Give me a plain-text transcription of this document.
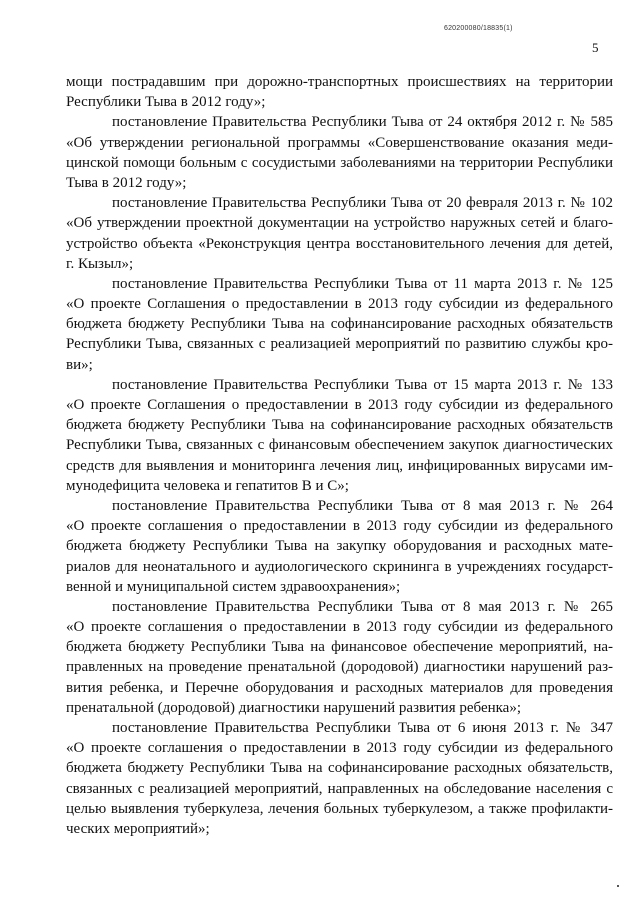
620200080/18835(1)
5
мощи пострадавшим при дорожно-транспортных происшествиях на территории
Республики Тыва в 2012 году»;
постановление Правительства Республики Тыва от 24 октября 2012 г. № 585
«Об утверждении региональной программы «Совершенствование оказания меди-
цинской помощи больным с сосудистыми заболеваниями на территории Республики
Тыва в 2012 году»;
постановление Правительства Республики Тыва от 20 февраля 2013 г. № 102
«Об утверждении проектной документации на устройство наружных сетей и благо-
устройство объекта «Реконструкция центра восстановительного лечения для детей,
г. Кызыл»;
постановление Правительства Республики Тыва от 11 марта 2013 г. № 125
«О проекте Соглашения о предоставлении в 2013 году субсидии из федерального
бюджета бюджету Республики Тыва на софинансирование расходных обязательств
Республики Тыва, связанных с реализацией мероприятий по развитию службы кро-
ви»;
постановление Правительства Республики Тыва от 15 марта 2013 г. № 133
«О проекте Соглашения о предоставлении в 2013 году субсидии из федерального
бюджета бюджету Республики Тыва на софинансирование расходных обязательств
Республики Тыва, связанных с финансовым обеспечением закупок диагностических
средств для выявления и мониторинга лечения лиц, инфицированных вирусами им-
мунодефицита человека и гепатитов В и С»;
постановление Правительства Республики Тыва от 8 мая 2013 г. № 264
«О проекте соглашения о предоставлении в 2013 году субсидии из федерального
бюджета бюджету Республики Тыва на закупку оборудования и расходных мате-
риалов для неонатального и аудиологического скрининга в учреждениях государст-
венной и муниципальной систем здравоохранения»;
постановление Правительства Республики Тыва от 8 мая 2013 г. № 265
«О проекте соглашения о предоставлении в 2013 году субсидии из федерального
бюджета бюджету Республики Тыва на финансовое обеспечение мероприятий, на-
правленных на проведение пренатальной (дородовой) диагностики нарушений раз-
вития ребенка, и Перечне оборудования и расходных материалов для проведения
пренатальной (дородовой) диагностики нарушений развития ребенка»;
постановление Правительства Республики Тыва от 6 июня 2013 г. № 347
«О проекте соглашения о предоставлении в 2013 году субсидии из федерального
бюджета бюджету Республики Тыва на софинансирование расходных обязательств,
связанных с реализацией мероприятий, направленных на обследование населения с
целью выявления туберкулеза, лечения больных туберкулезом, а также профилакти-
ческих мероприятий»;
